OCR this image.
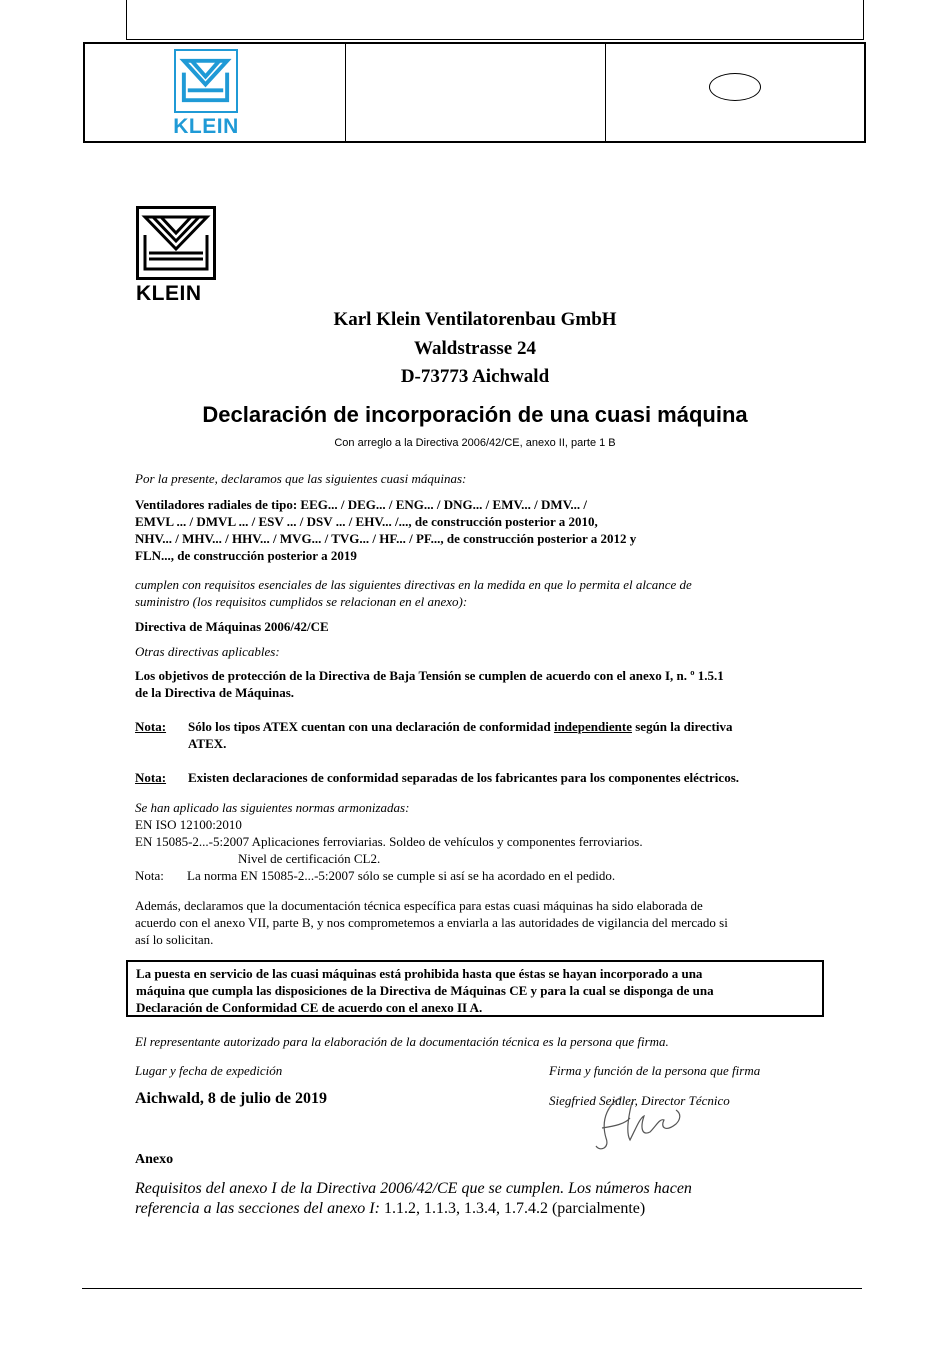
KLEIN
KLEIN
Karl Klein Ventilatorenbau GmbH
Waldstrasse 24
D-73773 Aichwald
Declaración de incorporación de una cuasi máquina
Con arreglo a la Directiva 2006/42/CE, anexo II, parte 1 B
Por la presente, declaramos que las siguientes cuasi máquinas:
Ventiladores radiales de tipo: EEG... / DEG... / ENG... / DNG... / EMV... / DMV... /
EMVL ... / DMVL ... / ESV ... / DSV ... / EHV... /..., de construcción posterior a 2010,
NHV... / MHV... / HHV... / MVG... / TVG... / HF... / PF..., de construcción posterior a 2012 y
FLN..., de construcción posterior a 2019
cumplen con requisitos esenciales de las siguientes directivas en la medida en que lo permita el alcance de
suministro (los requisitos cumplidos se relacionan en el anexo):
Directiva de Máquinas 2006/42/CE
Otras directivas aplicables:
Los objetivos de protección de la Directiva de Baja Tensión se cumplen de acuerdo con el anexo I, n. º 1.5.1
de la Directiva de Máquinas.
Nota:	Sólo los tipos ATEX cuentan con una declaración de conformidad independiente según la directiva
ATEX.
Nota:	Existen declaraciones de conformidad separadas de los fabricantes para los componentes eléctricos.
Se han aplicado las siguientes normas armonizadas:
EN ISO 12100:2010
EN 15085-2...-5:2007 Aplicaciones ferroviarias. Soldeo de vehículos y componentes ferroviarios.
Nivel de certificación CL2.
Nota:	La norma EN 15085-2...-5:2007 sólo se cumple si así se ha acordado en el pedido.
Además, declaramos que la documentación técnica específica para estas cuasi máquinas ha sido elaborada de
acuerdo con el anexo VII, parte B, y nos comprometemos a enviarla a las autoridades de vigilancia del mercado si
así lo solicitan.
La puesta en servicio de las cuasi máquinas está prohibida hasta que éstas se hayan incorporado a una
máquina que cumpla las disposiciones de la Directiva de Máquinas CE y para la cual se disponga de una
Declaración de Conformidad CE de acuerdo con el anexo II A.
El representante autorizado para la elaboración de la documentación técnica es la persona que firma.
Lugar y fecha de expedición
Aichwald, 8 de julio de 2019
Firma y función de la persona que firma
Siegfried Seidler, Director Técnico
Anexo
Requisitos del anexo I de la Directiva 2006/42/CE que se cumplen. Los números hacen
referencia a las secciones del anexo I: 1.1.2, 1.1.3, 1.3.4, 1.7.4.2 (parcialmente)
